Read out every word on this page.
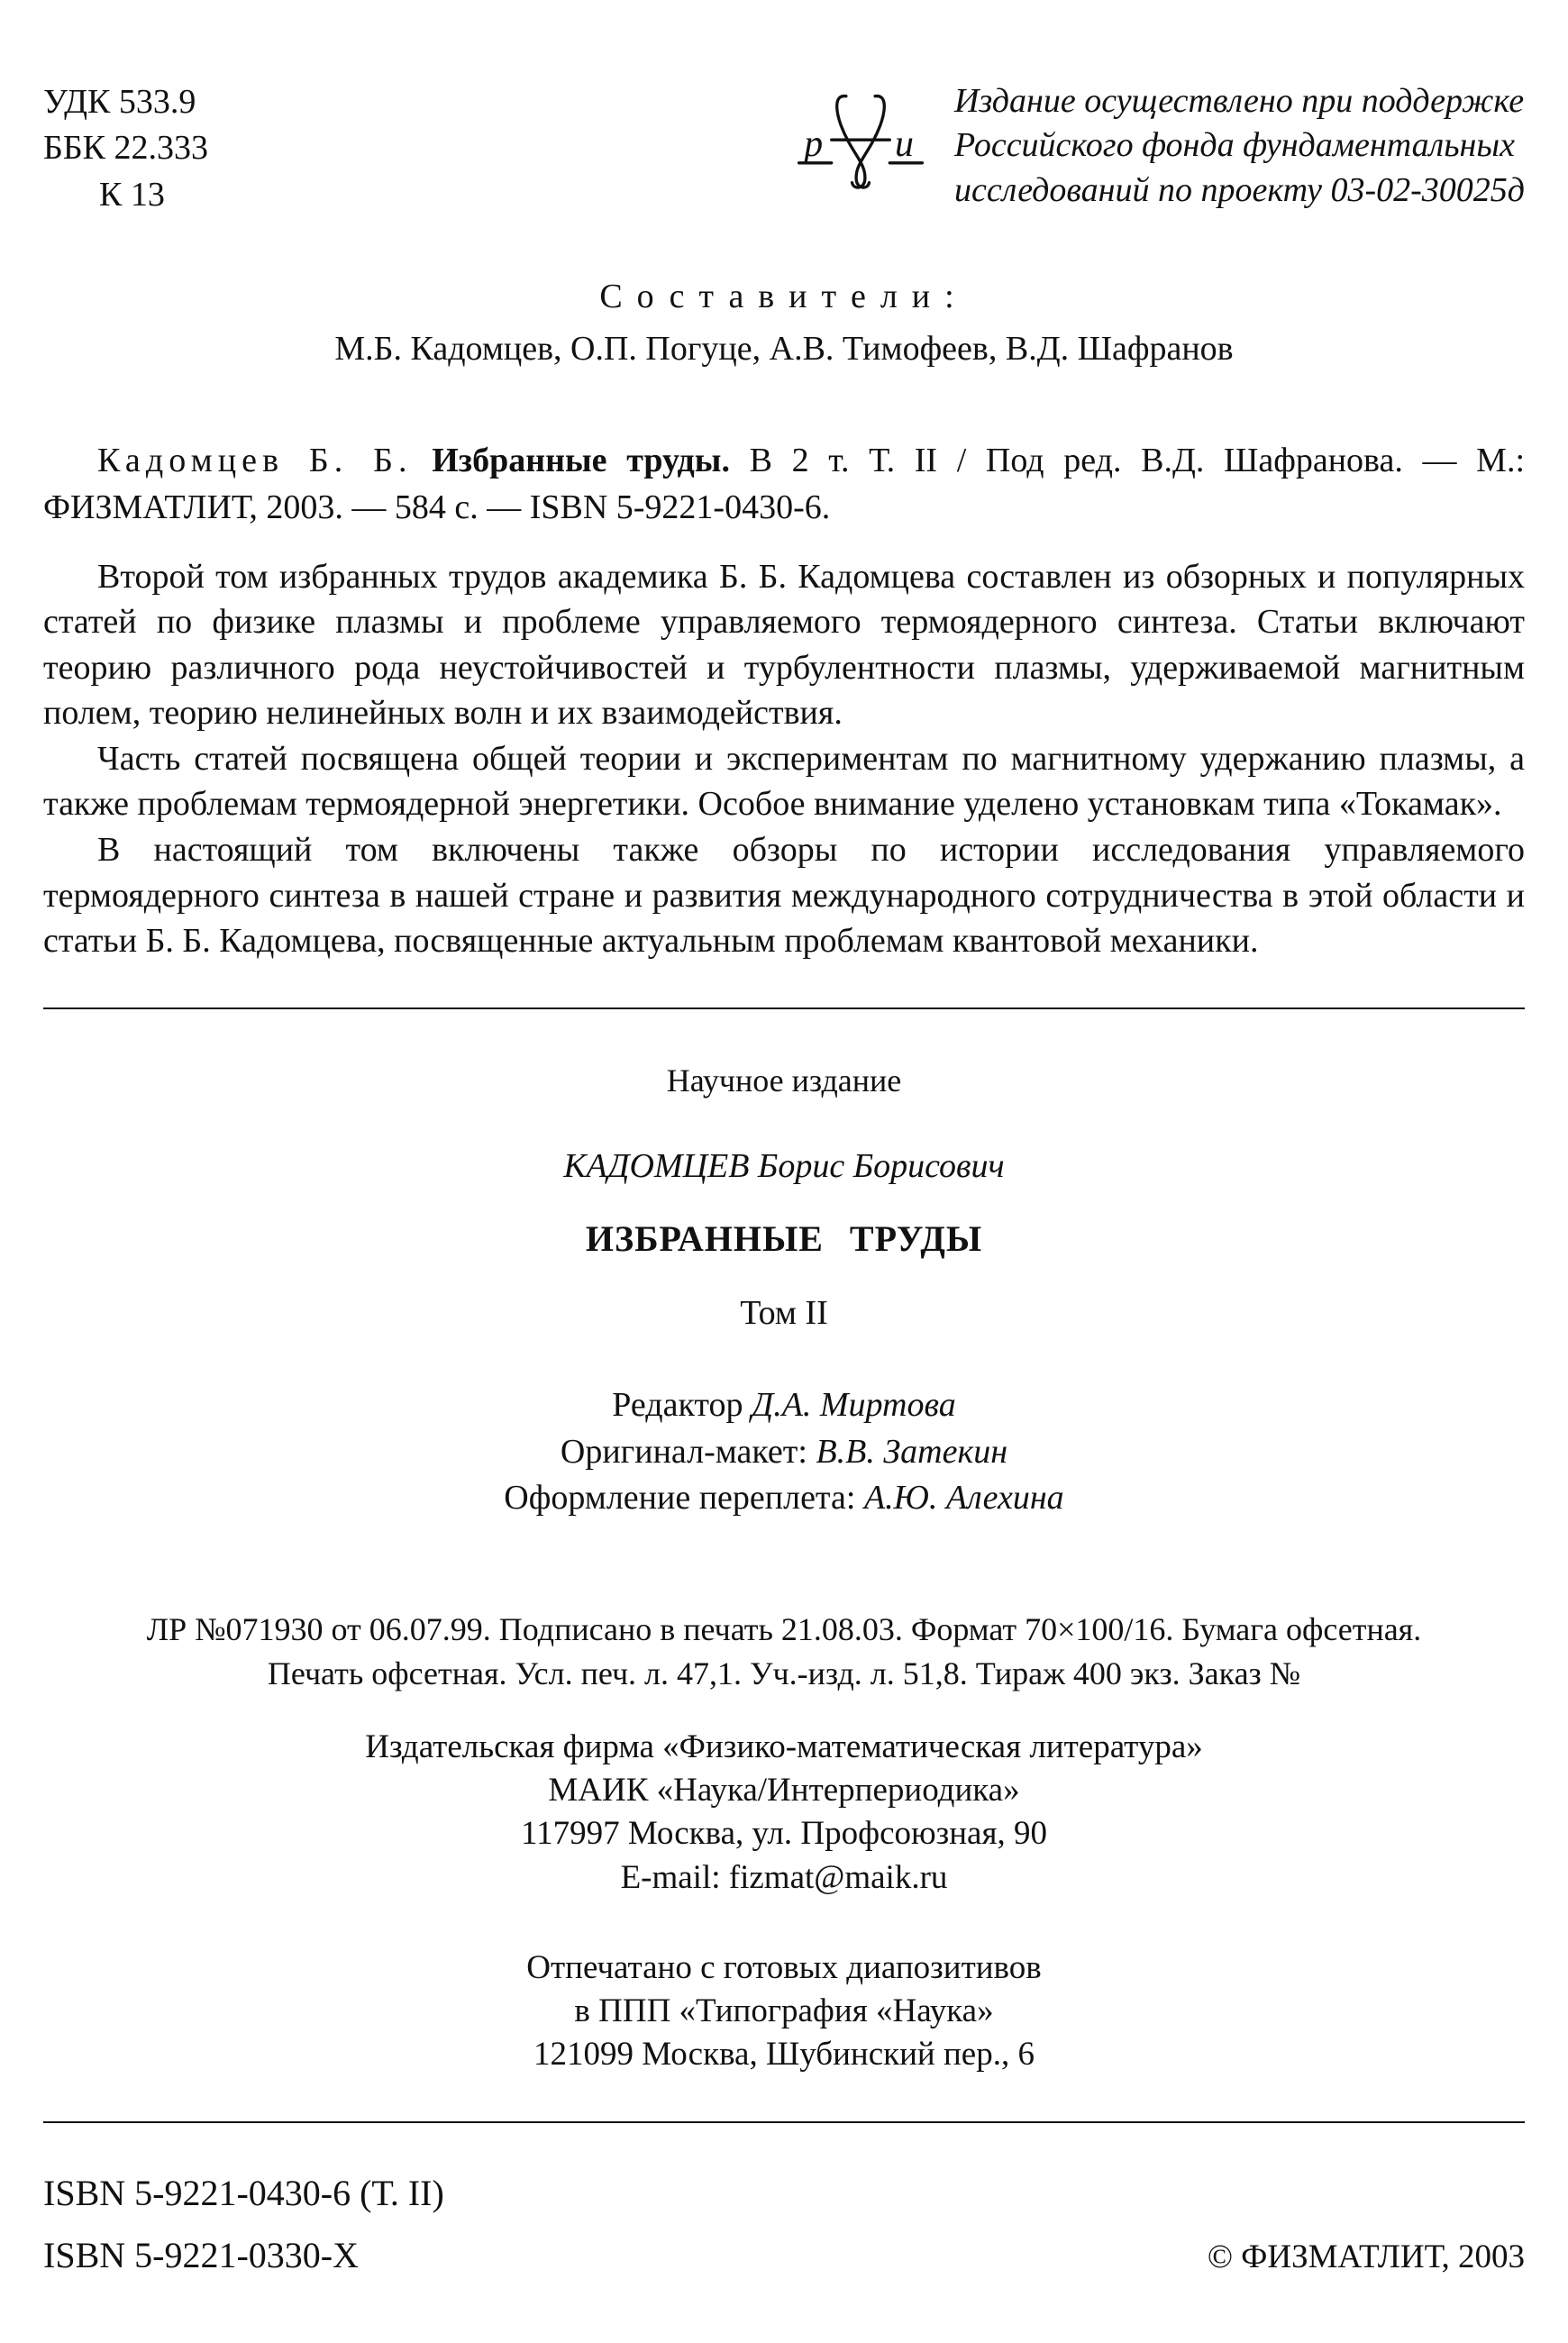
УДК 533.9
ББК 22.333
К 13
р и
Издание осуществлено при поддержке
Российского фонда фундаментальных
исследований по проекту 03-02-30025д
Составители:
М.Б. Кадомцев, О.П. Погуце, А.В. Тимофеев, В.Д. Шафранов

Кадомцев Б. Б. Избранные труды. В 2 т. Т. II / Под ред. В.Д. Шафранова. — М.: ФИЗМАТЛИТ, 2003. — 584 с. — ISBN 5-9221-0430-6.

Второй том избранных трудов академика Б. Б. Кадомцева составлен из обзорных и популярных статей по физике плазмы и проблеме управляемого термоядерного синтеза. Статьи включают теорию различного рода неустойчивостей и турбулентности плазмы, удерживаемой магнитным полем, теорию нелинейных волн и их взаимодействия.

Часть статей посвящена общей теории и экспериментам по магнитному удержанию плазмы, а также проблемам термоядерной энергетики. Особое внимание уделено установкам типа «Токамак».

В настоящий том включены также обзоры по истории исследования управляемого термоядерного синтеза в нашей стране и развития международного сотрудничества в этой области и статьи Б. Б. Кадомцева, посвященные актуальным проблемам квантовой механики.

Научное издание
КАДОМЦЕВ Борис Борисович
ИЗБРАННЫЕ ТРУДЫ
Том II
Редактор Д.А. Миртова
Оригинал-макет: В.В. Затекин
Оформление переплета: А.Ю. Алехина
ЛР №071930 от 06.07.99. Подписано в печать 21.08.03. Формат 70×100/16. Бумага офсетная.
Печать офсетная. Усл. печ. л. 47,1. Уч.-изд. л. 51,8. Тираж 400 экз. Заказ №
Издательская фирма «Физико-математическая литература»
МАИК «Наука/Интерпериодика»
117997 Москва, ул. Профсоюзная, 90
E-mail: fizmat@maik.ru
Отпечатано с готовых диапозитивов
в ППП «Типография «Наука»
121099 Москва, Шубинский пер., 6
ISBN 5-9221-0430-6 (Т. II)
ISBN 5-9221-0330-X	© ФИЗМАТЛИТ, 2003
